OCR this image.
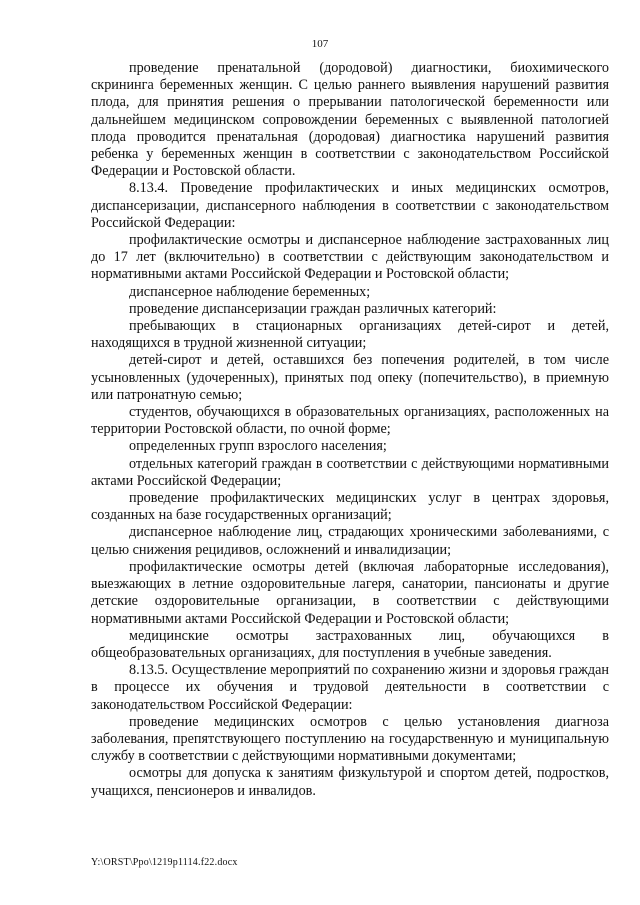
107

проведение пренатальной (дородовой) диагностики, биохимического скрининга беременных женщин. С целью раннего выявления нарушений развития плода, для принятия решения о прерывании патологической беременности или дальнейшем медицинском сопровождении беременных с выявленной патологией плода проводится пренатальная (дородовая) диагностика нарушений развития ребенка у беременных женщин в соответствии с законодательством Российской Федерации и Ростовской области.

8.13.4. Проведение профилактических и иных медицинских осмотров, диспансеризации, диспансерного наблюдения в соответствии с законодательством Российской Федерации:

профилактические осмотры и диспансерное наблюдение застрахованных лиц до 17 лет (включительно) в соответствии с действующим законодательством и нормативными актами Российской Федерации и Ростовской области;

диспансерное наблюдение беременных;

проведение диспансеризации граждан различных категорий:

пребывающих в стационарных организациях детей-сирот и детей, находящихся в трудной жизненной ситуации;

детей-сирот и детей, оставшихся без попечения родителей, в том числе усыновленных (удочеренных), принятых под опеку (попечительство), в приемную или патронатную семью;

студентов, обучающихся в образовательных организациях, расположенных на территории Ростовской области, по очной форме;

определенных групп взрослого населения;

отдельных категорий граждан в соответствии с действующими нормативными актами Российской Федерации;

проведение профилактических медицинских услуг в центрах здоровья, созданных на базе государственных организаций;

диспансерное наблюдение лиц, страдающих хроническими заболеваниями, с целью снижения рецидивов, осложнений и инвалидизации;

профилактические осмотры детей (включая лабораторные исследования), выезжающих в летние оздоровительные лагеря, санатории, пансионаты и другие детские оздоровительные организации, в соответствии с действующими нормативными актами Российской Федерации и Ростовской области;

медицинские осмотры застрахованных лиц, обучающихся в общеобразовательных организациях, для поступления в учебные заведения.

8.13.5. Осуществление мероприятий по сохранению жизни и здоровья граждан в процессе их обучения и трудовой деятельности в соответствии с законодательством Российской Федерации:

проведение медицинских осмотров с целью установления диагноза заболевания, препятствующего поступлению на государственную и муниципальную службу в соответствии с действующими нормативными документами;

осмотры для допуска к занятиям физкультурой и спортом детей, подростков, учащихся, пенсионеров и инвалидов.

Y:\ORST\Ppo\1219p1114.f22.docx
